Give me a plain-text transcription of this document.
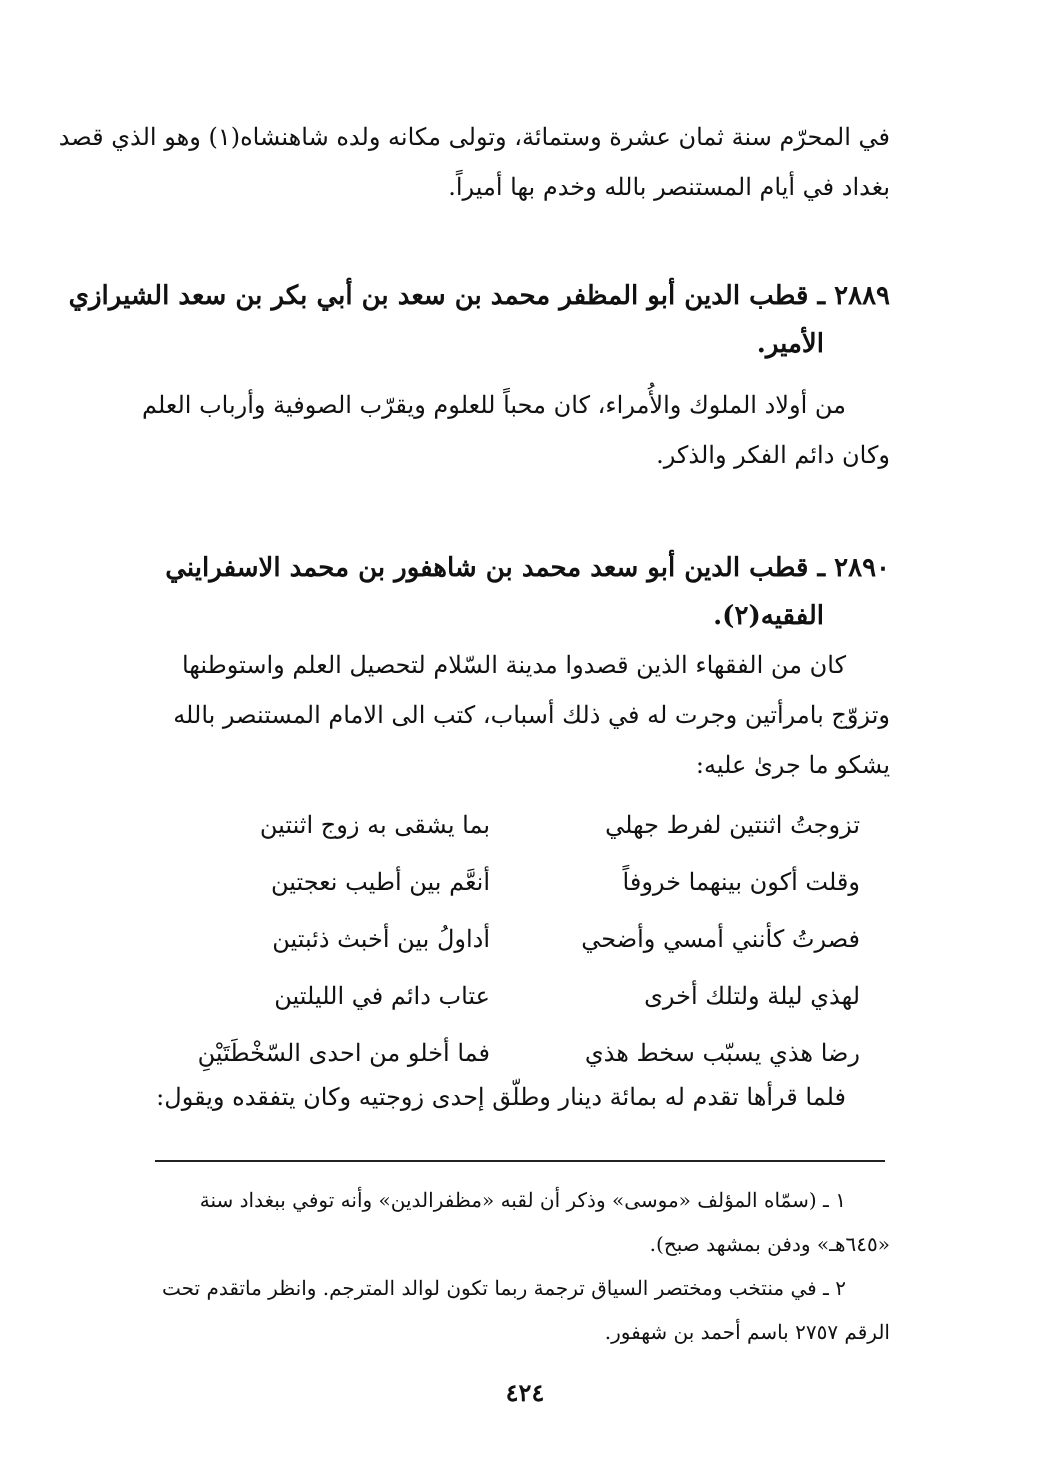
في المحرّم سنة ثمان عشرة وستمائة، وتولى مكانه ولده شاهنشاه(١) وهو الذي قصد
بغداد في أيام المستنصر بالله وخدم بها أميراً.
٢٨٨٩ ـ قطب الدين أبو المظفر محمد بن سعد بن أبي بكر بن سعد الشيرازي
الأمير.
من أولاد الملوك والأُمراء، كان محباً للعلوم ويقرّب الصوفية وأرباب العلم
وكان دائم الفكر والذكر.
٢٨٩٠ ـ قطب الدين أبو سعد محمد بن شاهفور بن محمد الاسفرايني
الفقيه(٢).
كان من الفقهاء الذين قصدوا مدينة السّلام لتحصيل العلم واستوطنها
وتزوّج بامرأتين وجرت له في ذلك أسباب، كتب الى الامام المستنصر بالله
يشكو ما جرىٰ عليه:
تزوجتُ اثنتين لفرط جهلي
بما يشقى به زوج اثنتين
وقلت أكون بينهما خروفاً
أنعَّم بين أطيب نعجتين
فصرتُ كأنني أمسي وأضحي
أداولُ بين أخبث ذئبتين
لهذي ليلة ولتلك أخرى
عتاب دائم في الليلتين
رضا هذي يسبّب سخط هذي
فما أخلو من احدى السّخْطَتَيْنِ
فلما قرأها تقدم له بمائة دينار وطلّق إحدى زوجتيه وكان يتفقده ويقول:
١ ـ (سمّاه المؤلف «موسى» وذكر أن لقبه «مظفرالدين» وأنه توفي ببغداد سنة
«٦٤٥هـ» ودفن بمشهد صبح).
٢ ـ في منتخب ومختصر السياق ترجمة ربما تكون لوالد المترجم. وانظر ماتقدم تحت
الرقم ٢٧٥٧ باسم أحمد بن شهفور.
٤٢٤
